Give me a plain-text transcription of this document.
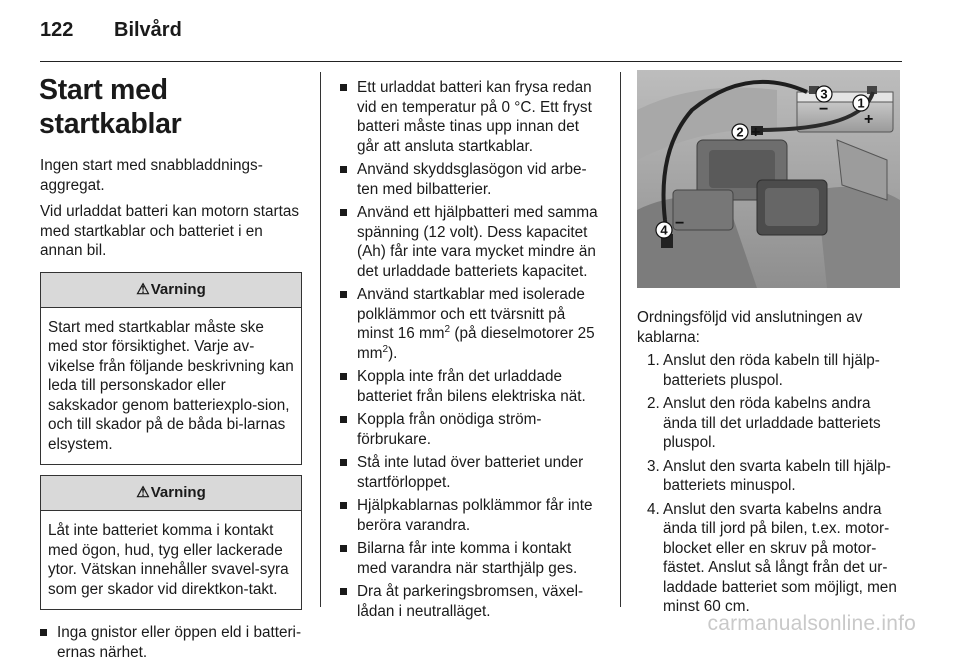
122 Bilvård
Start med startkablar

Ingen start med snabbladdnings-aggregat.

Vid urladdat batteri kan motorn startas med startkablar och batteriet i en annan bil.

⚠ Varning
Start med startkablar måste ske med stor försiktighet. Varje av-vikelse från följande beskrivning kan leda till personskador eller sakskador genom batteriexplo-sion, och till skador på de båda bi-larnas elsystem.
⚠ Varning
Låt inte batteriet komma i kontakt med ögon, hud, tyg eller lackerade ytor. Vätskan innehåller svavel-syra som ger skador vid direktkon-takt.
Inga gnistor eller öppen eld i batteri-ernas närhet.
Ett urladdat batteri kan frysa redan vid en temperatur på 0 °C. Ett fryst batteri måste tinas upp innan det går att ansluta startkablar.
Använd skyddsglasögon vid arbe-ten med bilbatterier.
Använd ett hjälpbatteri med samma spänning (12 volt). Dess kapacitet (Ah) får inte vara mycket mindre än det urladdade batteriets kapacitet.
Använd startkablar med isolerade polklämmor och ett tvärsnitt på minst 16 $mm^2$ (på dieselmotorer 25 $mm^2$).
Koppla inte från det urladdade batteriet från bilens elektriska nät.
Koppla från onödiga ström-förbrukare.
Stå inte lutad över batteriet under startförloppet.
Hjälpkablarnas polklämmor får inte beröra varandra.
Bilarna får inte komma i kontakt med varandra när starthjälp ges.
Dra åt parkeringsbromsen, växel-lådan i neutralläget.
3
− 1
+
2 +
4 −

Ordningsföljd vid anslutningen av kablarna:

1. Anslut den röda kabeln till hjälp-batteriets pluspol.
2. Anslut den röda kabelns andra ända till det urladdade batteriets pluspol.
3. Anslut den svarta kabeln till hjälp-batteriets minuspol.
4. Anslut den svarta kabelns andra ända till jord på bilen, t.ex. motor-blocket eller en skruv på motor-fästet. Anslut så långt från det ur-laddade batteriet som möjligt, men minst 60 cm.
carmanualsonline.info
